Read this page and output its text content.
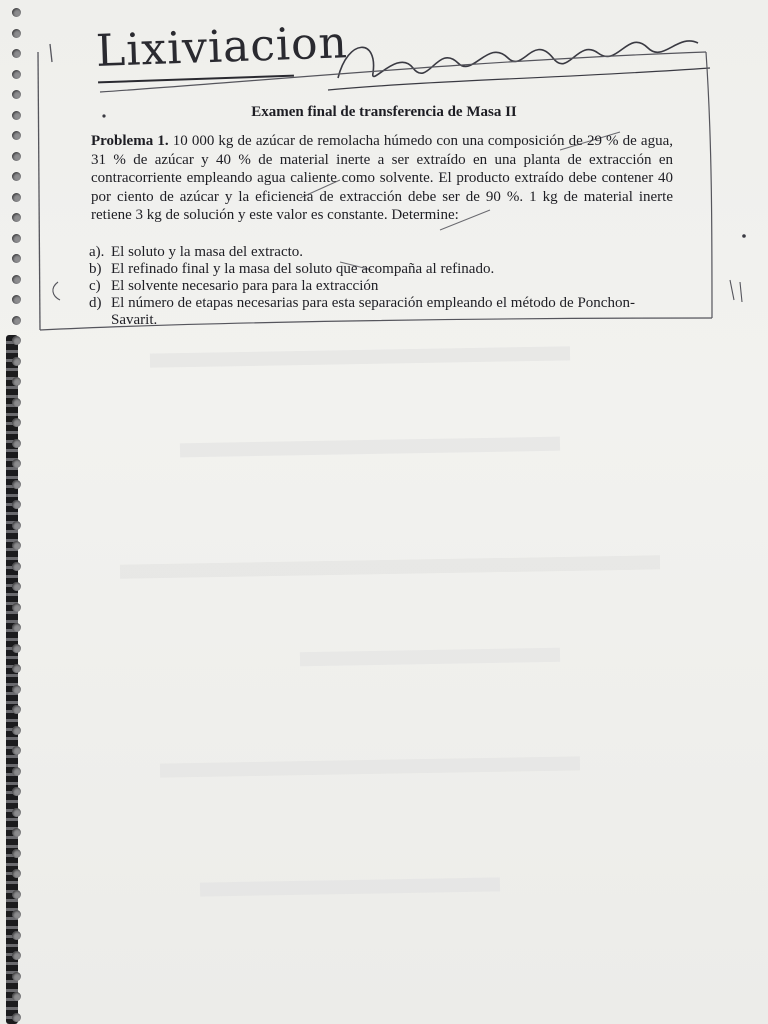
Lixiviacion
Examen final de transferencia de Masa II
Problema 1. 10 000 kg de azúcar de remolacha húmedo con una composición de 29 % de agua, 31 % de azúcar y 40 % de material inerte a ser extraído en una planta de extracción en contracorriente empleando agua caliente como solvente. El producto extraído debe contener 40 por ciento de azúcar y la eficiencia de extracción debe ser de 90 %. 1 kg de material inerte retiene 3 kg de solución y este valor es constante. Determine:
a). El soluto y la masa del extracto.
b) El refinado final y la masa del soluto que acompaña al refinado.
c) El solvente necesario para para la extracción
d) El número de etapas necesarias para esta separación empleando el método de Ponchon-
Savarit.
